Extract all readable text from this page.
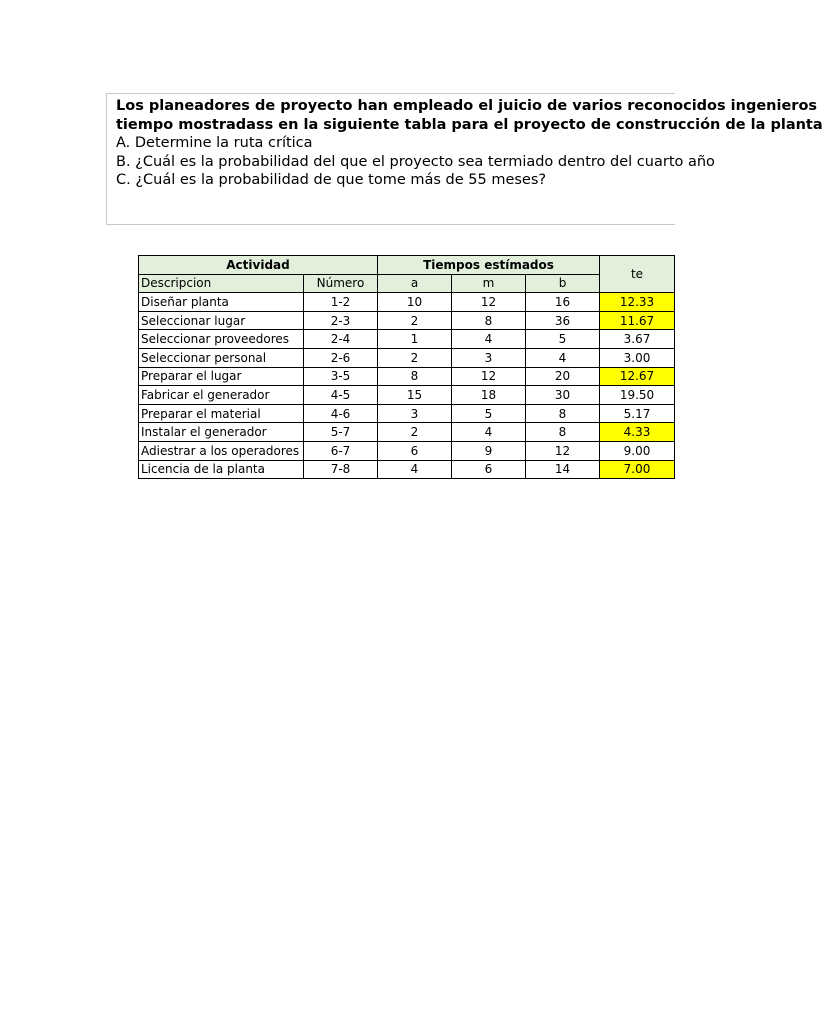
Los planeadores de proyecto han empleado el juicio de varios reconocidos ingenieros
tiempo mostradass en la siguiente tabla para el proyecto de construcción de la planta
A. Determine la ruta crítica
B. ¿Cuál es la probabilidad del que el proyecto sea termiado dentro del cuarto año
C. ¿Cuál es la probabilidad de que tome más de 55 meses?
Actividad		Tiempos estímados			te
Descripcion	Número	a	m	b	
Diseñar planta	1-2	10	12	16	12.33
Seleccionar lugar	2-3	2	8	36	11.67
Seleccionar proveedores	2-4	1	4	5	3.67
Seleccionar personal	2-6	2	3	4	3.00
Preparar el lugar	3-5	8	12	20	12.67
Fabricar el generador	4-5	15	18	30	19.50
Preparar el material	4-6	3	5	8	5.17
Instalar el generador	5-7	2	4	8	4.33
Adiestrar a los operadores	6-7	6	9	12	9.00
Licencia de la planta	7-8	4	6	14	7.00
